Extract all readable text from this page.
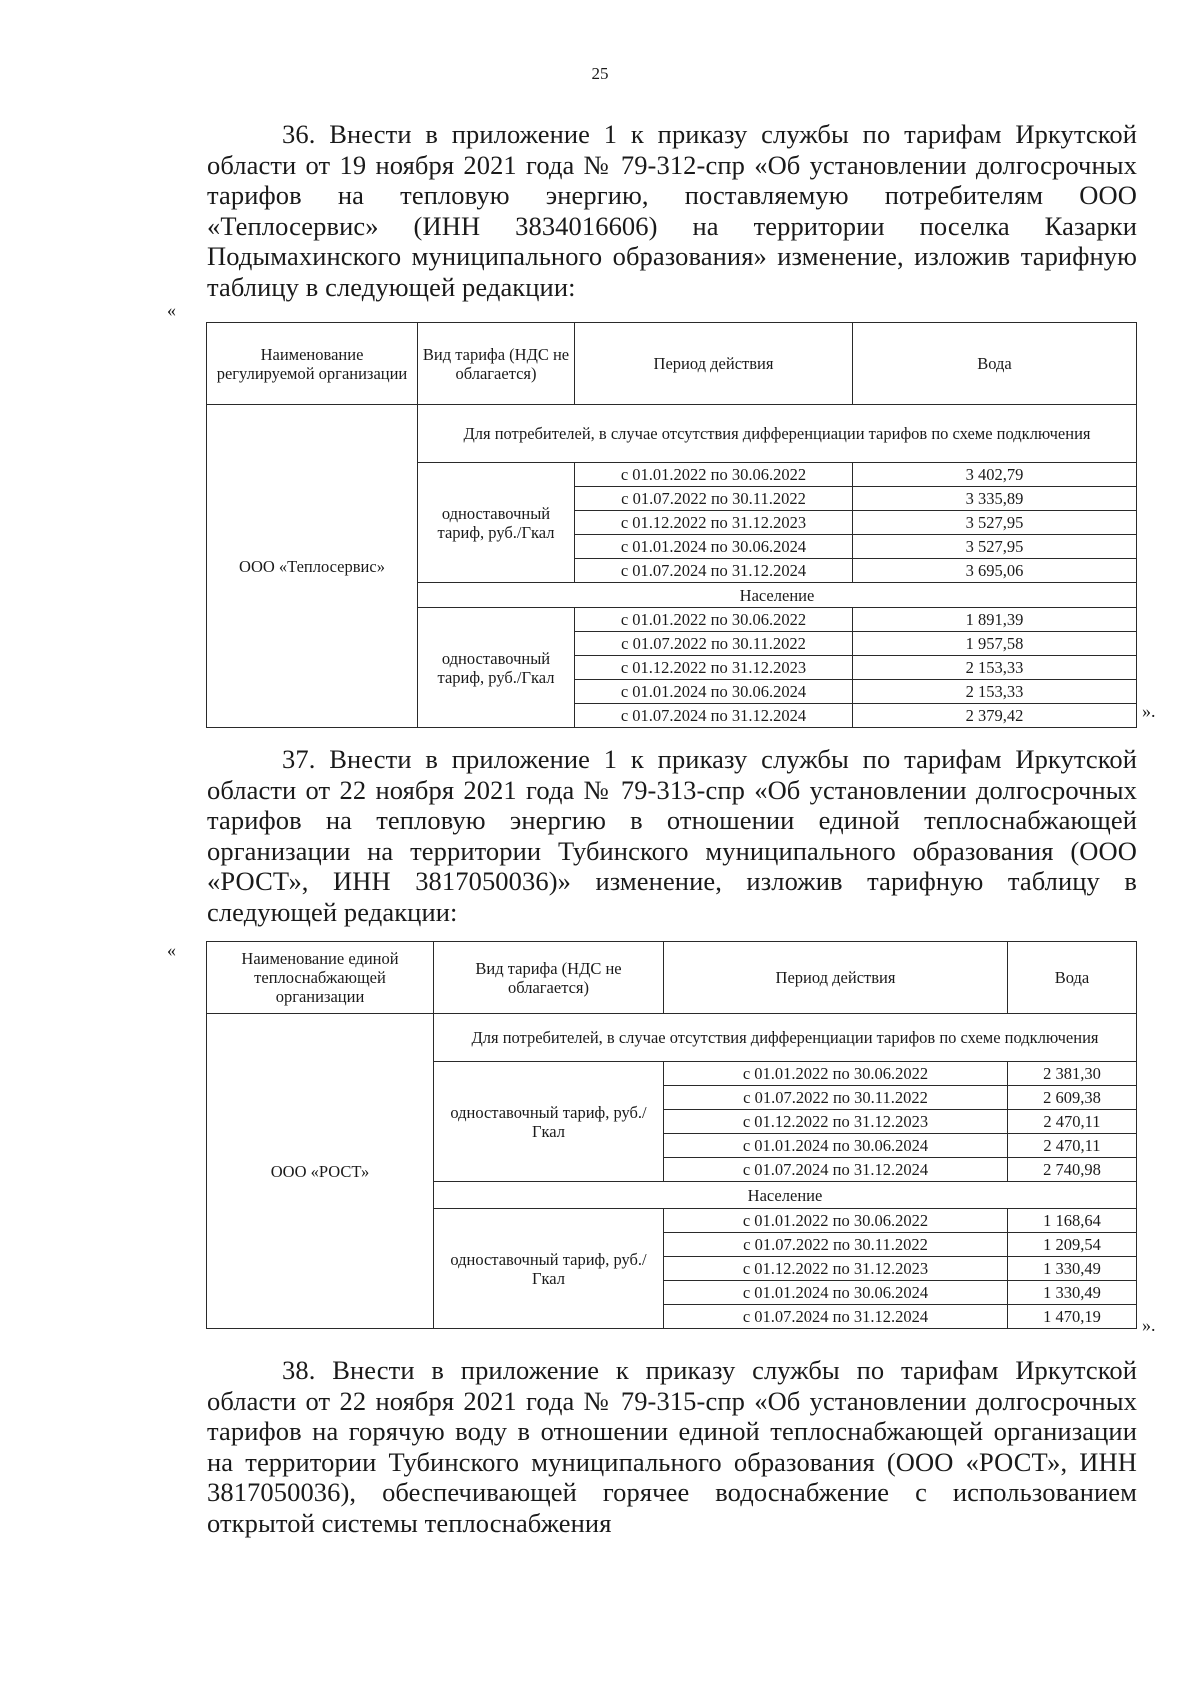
25

36. Внести в приложение 1 к приказу службы по тарифам Иркутской области от 19 ноября 2021 года № 79-312-спр «Об установлении долгосрочных тарифов на тепловую энергию, поставляемую потребителям ООО «Теплосервис» (ИНН 3834016606) на территории поселка Казарки Подымахинского муниципального образования» изменение, изложив тарифную таблицу в следующей редакции:

«
Наименование регулируемой организации	Вид тарифа (НДС не облагается)	Период действия	Вода
ООО «Теплосервис»	Для потребителей, в случае отсутствия дифференциации тарифов по схеме подключения		
	одноставочный тариф, руб./Гкал	с 01.01.2022 по 30.06.2022	3 402,79
		с 01.07.2022 по 30.11.2022	3 335,89
		с 01.12.2022 по 31.12.2023	3 527,95
		с 01.01.2024 по 30.06.2024	3 527,95
		с 01.07.2024 по 31.12.2024	3 695,06
	Население		
	одноставочный тариф, руб./Гкал	с 01.01.2022 по 30.06.2022	1 891,39
		с 01.07.2022 по 30.11.2022	1 957,58
		с 01.12.2022 по 31.12.2023	2 153,33
		с 01.01.2024 по 30.06.2024	2 153,33
		с 01.07.2024 по 31.12.2024	2 379,42	».

37. Внести в приложение 1 к приказу службы по тарифам Иркутской области от 22 ноября 2021 года № 79-313-спр «Об установлении долгосрочных тарифов на тепловую энергию в отношении единой теплоснабжающей организации на территории Тубинского муниципального образования (ООО «РОСТ», ИНН 3817050036)» изменение, изложив тарифную таблицу в следующей редакции:

«	Наименование единой теплоснабжающей организации	Вид тарифа (НДС не облагается)	Период действия	Вода
ООО «РОСТ»	Для потребителей, в случае отсутствия дифференциации тарифов по схеме подключения		
	одноставочный тариф, руб./Гкал	с 01.01.2022 по 30.06.2022	2 381,30
		с 01.07.2022 по 30.11.2022	2 609,38
		с 01.12.2022 по 31.12.2023	2 470,11
		с 01.01.2024 по 30.06.2024	2 470,11
		с 01.07.2024 по 31.12.2024	2 740,98
	Население		
	одноставочный тариф, руб./Гкал	с 01.01.2022 по 30.06.2022	1 168,64
		с 01.07.2022 по 30.11.2022	1 209,54
		с 01.12.2022 по 31.12.2023	1 330,49
		с 01.01.2024 по 30.06.2024	1 330,49
		с 01.07.2024 по 31.12.2024	1 470,19 ».

38. Внести в приложение к приказу службы по тарифам Иркутской области от 22 ноября 2021 года № 79-315-спр «Об установлении долгосрочных тарифов на горячую воду в отношении единой теплоснабжающей организации на территории Тубинского муниципального образования (ООО «РОСТ», ИНН 3817050036), обеспечивающей горячее водоснабжение с использованием открытой системы теплоснабжения
